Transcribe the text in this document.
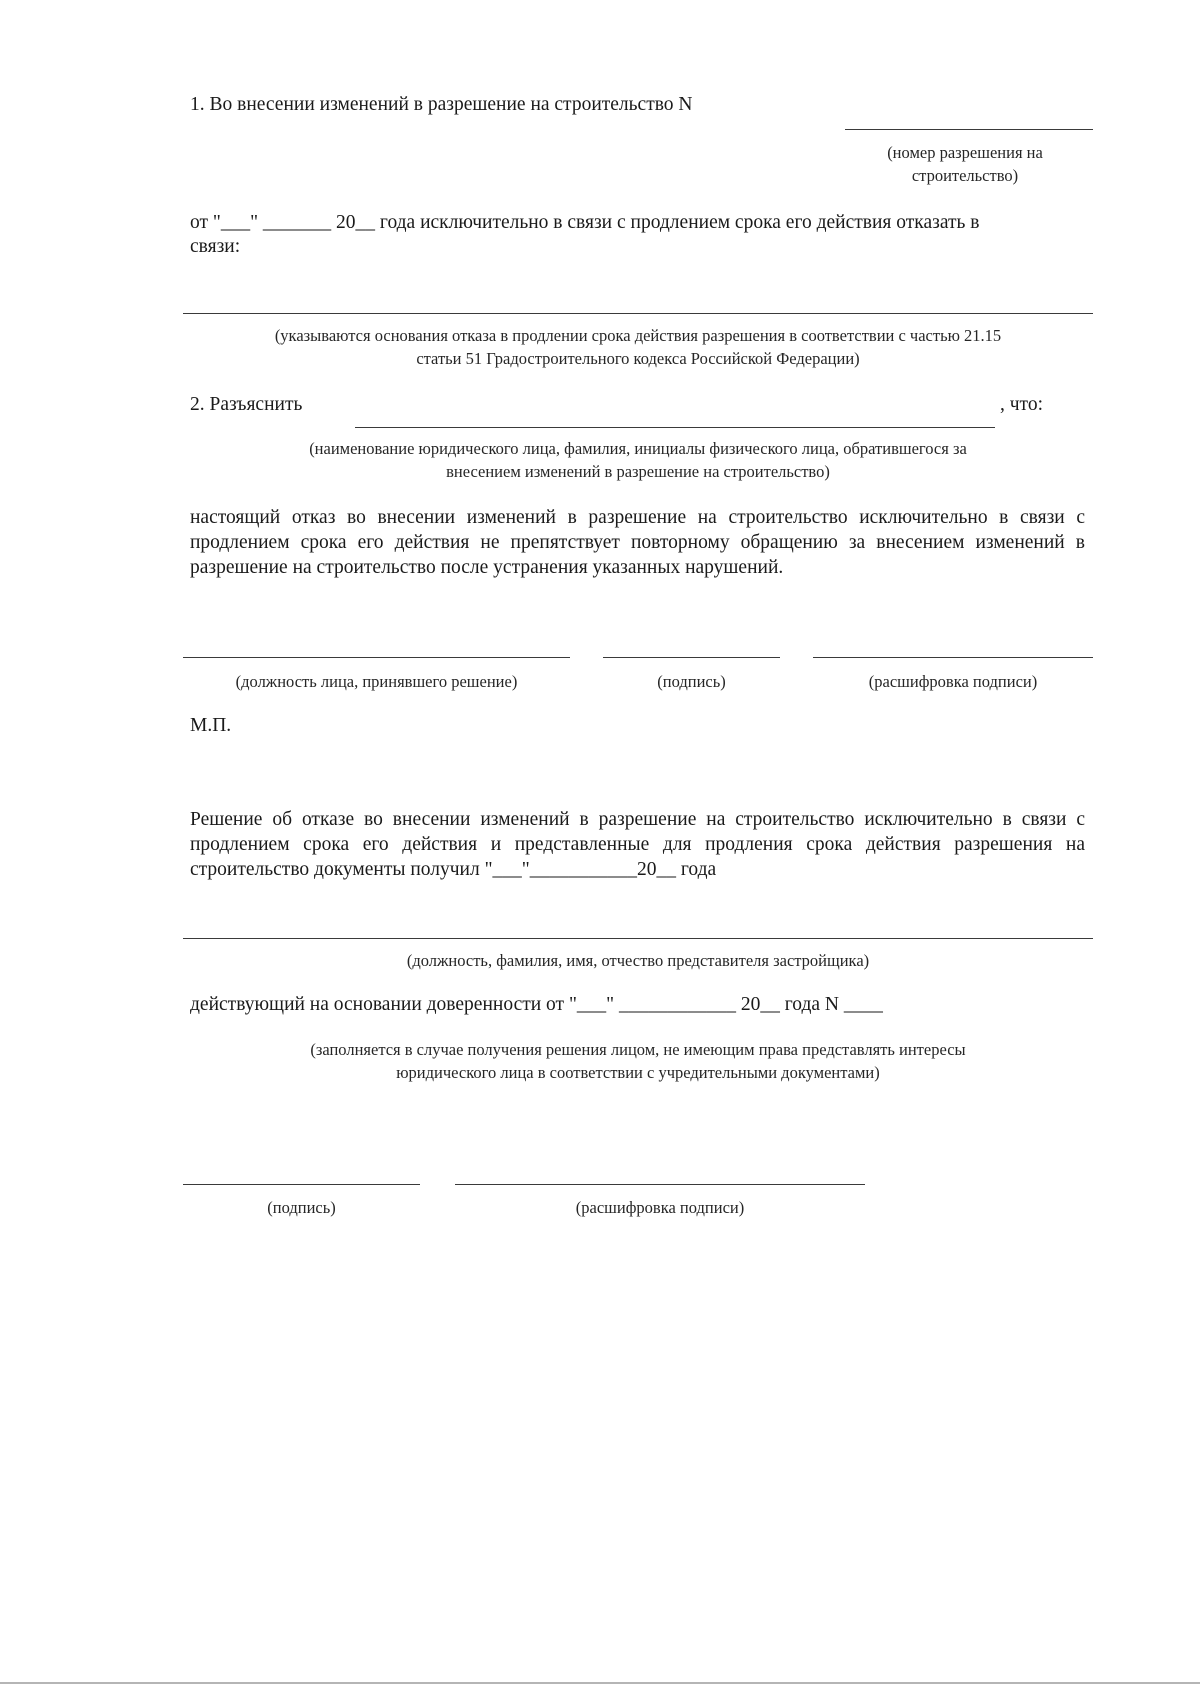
1. Во внесении изменений в разрешение на строительство N
(номер разрешения на
строительство)
от "___" _______ 20__ года исключительно в связи с продлением срока его действия отказать в
связи:
(указываются основания отказа в продлении срока действия разрешения в соответствии с частью 21.15
статьи 51 Градостроительного кодекса Российской Федерации)
2. Разъяснить	, что:
(наименование юридического лица, фамилия, инициалы физического лица, обратившегося за
внесением изменений в разрешение на строительство)
настоящий отказ во внесении изменений в разрешение на строительство исключительно в связи с продлением срока его действия не препятствует повторному обращению за внесением изменений в разрешение на строительство после устранения указанных нарушений.
(должность лица, принявшего решение)	(подпись)	(расшифровка подписи)
М.П.
Решение об отказе во внесении изменений в разрешение на строительство исключительно в связи с продлением срока его действия и представленные для продления срока действия разрешения на строительство документы получил "___"___________20__ года
(должность, фамилия, имя, отчество представителя застройщика)
действующий на основании доверенности от "___" ____________ 20__ года N ____
(заполняется в случае получения решения лицом, не имеющим права представлять интересы
юридического лица в соответствии с учредительными документами)
(подпись)	(расшифровка подписи)
